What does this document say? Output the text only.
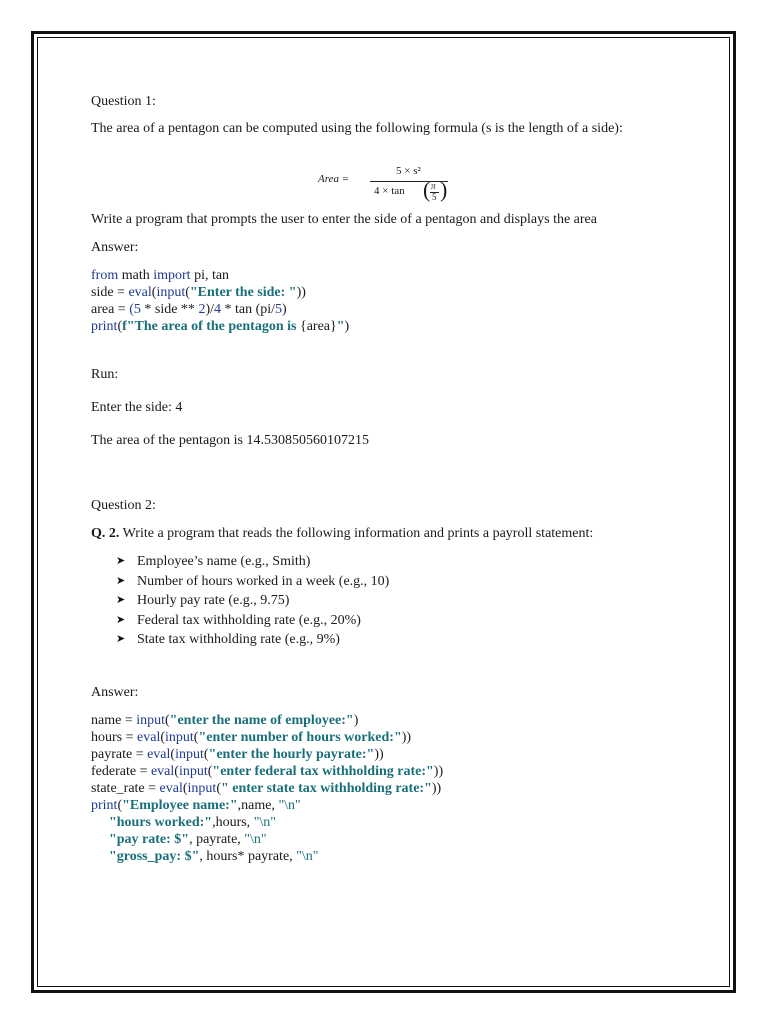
Area =
5 × s²
4 × tan ( π
5 )
Question 1:
The area of a pentagon can be computed using the following formula (s is the length of a side):
Write a program that prompts the user to enter the side of a pentagon and displays the area
Answer:
from math import pi, tan
side = eval(input("Enter the side: "))
area = (5 * side ** 2)/4 * tan (pi/5)
print(f"The area of the pentagon is {area}")
Run:
Enter the side: 4
The area of the pentagon is 14.530850560107215
Question 2:
Q. 2. Write a program that reads the following information and prints a payroll statement:
➤ Employee’s name (e.g., Smith)
➤ Number of hours worked in a week (e.g., 10)
➤ Hourly pay rate (e.g., 9.75)
➤ Federal tax withholding rate (e.g., 20%)
➤ State tax withholding rate (e.g., 9%)
Answer:
name = input("enter the name of employee:")
hours = eval(input("enter number of hours worked:"))
payrate = eval(input("enter the hourly payrate:"))
federate = eval(input("enter federal tax withholding rate:"))
state_rate = eval(input(" enter state tax withholding rate:"))
print("Employee name:",name, "\n"
"hours worked:",hours, "\n"
"pay rate: $", payrate, "\n"
"gross_pay: $", hours* payrate, "\n"
